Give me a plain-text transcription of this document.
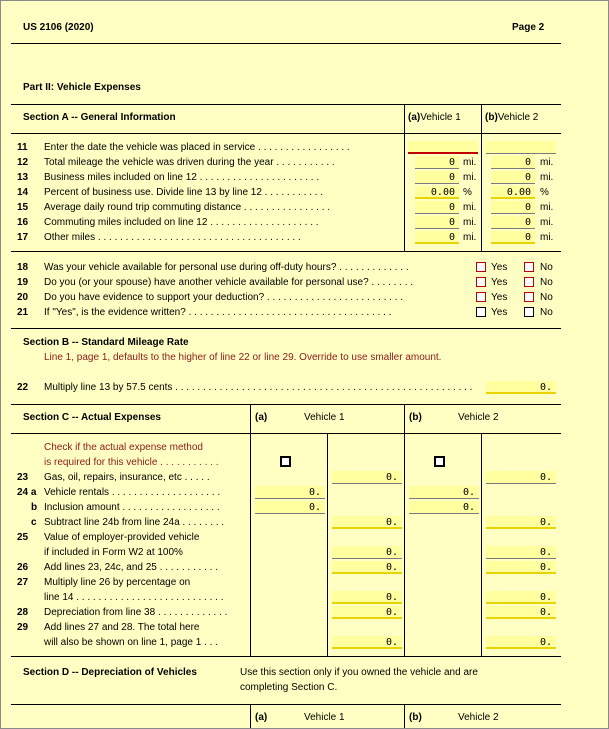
US 2106 (2020)	Page 2
Part II: Vehicle Expenses
Section A -- General Information	(a)Vehicle 1 (b)Vehicle 2
11 Enter the date the vehicle was placed in service . . . . . . . . . . . . . . . . .
12 Total mileage the vehicle was driven during the year . . . . . . . . . . .	0 mi.	0 mi.
13 Business miles included on line 12 . . . . . . . . . . . . . . . . . . . . . .	0 mi.	0 mi.
14 Percent of business use. Divide line 13 by line 12 . . . . . . . . . . .	0.00 %	0.00 %
15 Average daily round trip commuting distance . . . . . . . . . . . . . . . .	0 mi.	0 mi.
16 Commuting miles included on line 12 . . . . . . . . . . . . . . . . . . . .	0 mi.	0 mi.
17 Other miles . . . . . . . . . . . . . . . . . . . . . . . . . . . . . . . . . . . . .	0 mi.	0 mi.
18 Was your vehicle available for personal use during off-duty hours? . . . . . . . . . . . . .	Yes	No
19 Do you (or your spouse) have another vehicle available for personal use? . . . . . . . .	Yes	No
20 Do you have evidence to support your deduction? . . . . . . . . . . . . . . . . . . . . . . . . .	Yes	No
21 If "Yes", is the evidence written? . . . . . . . . . . . . . . . . . . . . . . . . . . . . . . . . . . . . .	Yes	No
Section B -- Standard Mileage Rate
Line 1, page 1, defaults to the higher of line 22 or line 29. Override to use smaller amount.
22 Multiply line 13 by 57.5 cents . . . . . . . . . . . . . . . . . . . . . . . . . . . . . . . . . . . . . . . . . . . . . . . . . . . . . .	0.
Section C -- Actual Expenses	(a)	Vehicle 1	(b)	Vehicle 2
Check if the actual expense method
is required for this vehicle . . . . . . . . . . .
23 Gas, oil, repairs, insurance, etc . . . . .	0.	0.
24 a Vehicle rentals . . . . . . . . . . . . . . . . . . . .	0.	0.
b Inclusion amount . . . . . . . . . . . . . . . . . .	0.	0.
c Subtract line 24b from line 24a . . . . . . . .	0.	0.
25 Value of employer-provided vehicle
if included in Form W2 at 100%	0.	0.
26 Add lines 23, 24c, and 25 . . . . . . . . . . .	0.	0.
27 Multiply line 26 by percentage on
line 14 . . . . . . . . . . . . . . . . . . . . . . . . . . .	0.	0.
28 Depreciation from line 38 . . . . . . . . . . . . .	0.	0.
29 Add lines 27 and 28. The total here
will also be shown on line 1, page 1 . . .	0.	0.
Section D -- Depreciation of Vehicles	Use this section only if you owned the vehicle and are
completing Section C.
(a)	Vehicle 1	(b)	Vehicle 2
